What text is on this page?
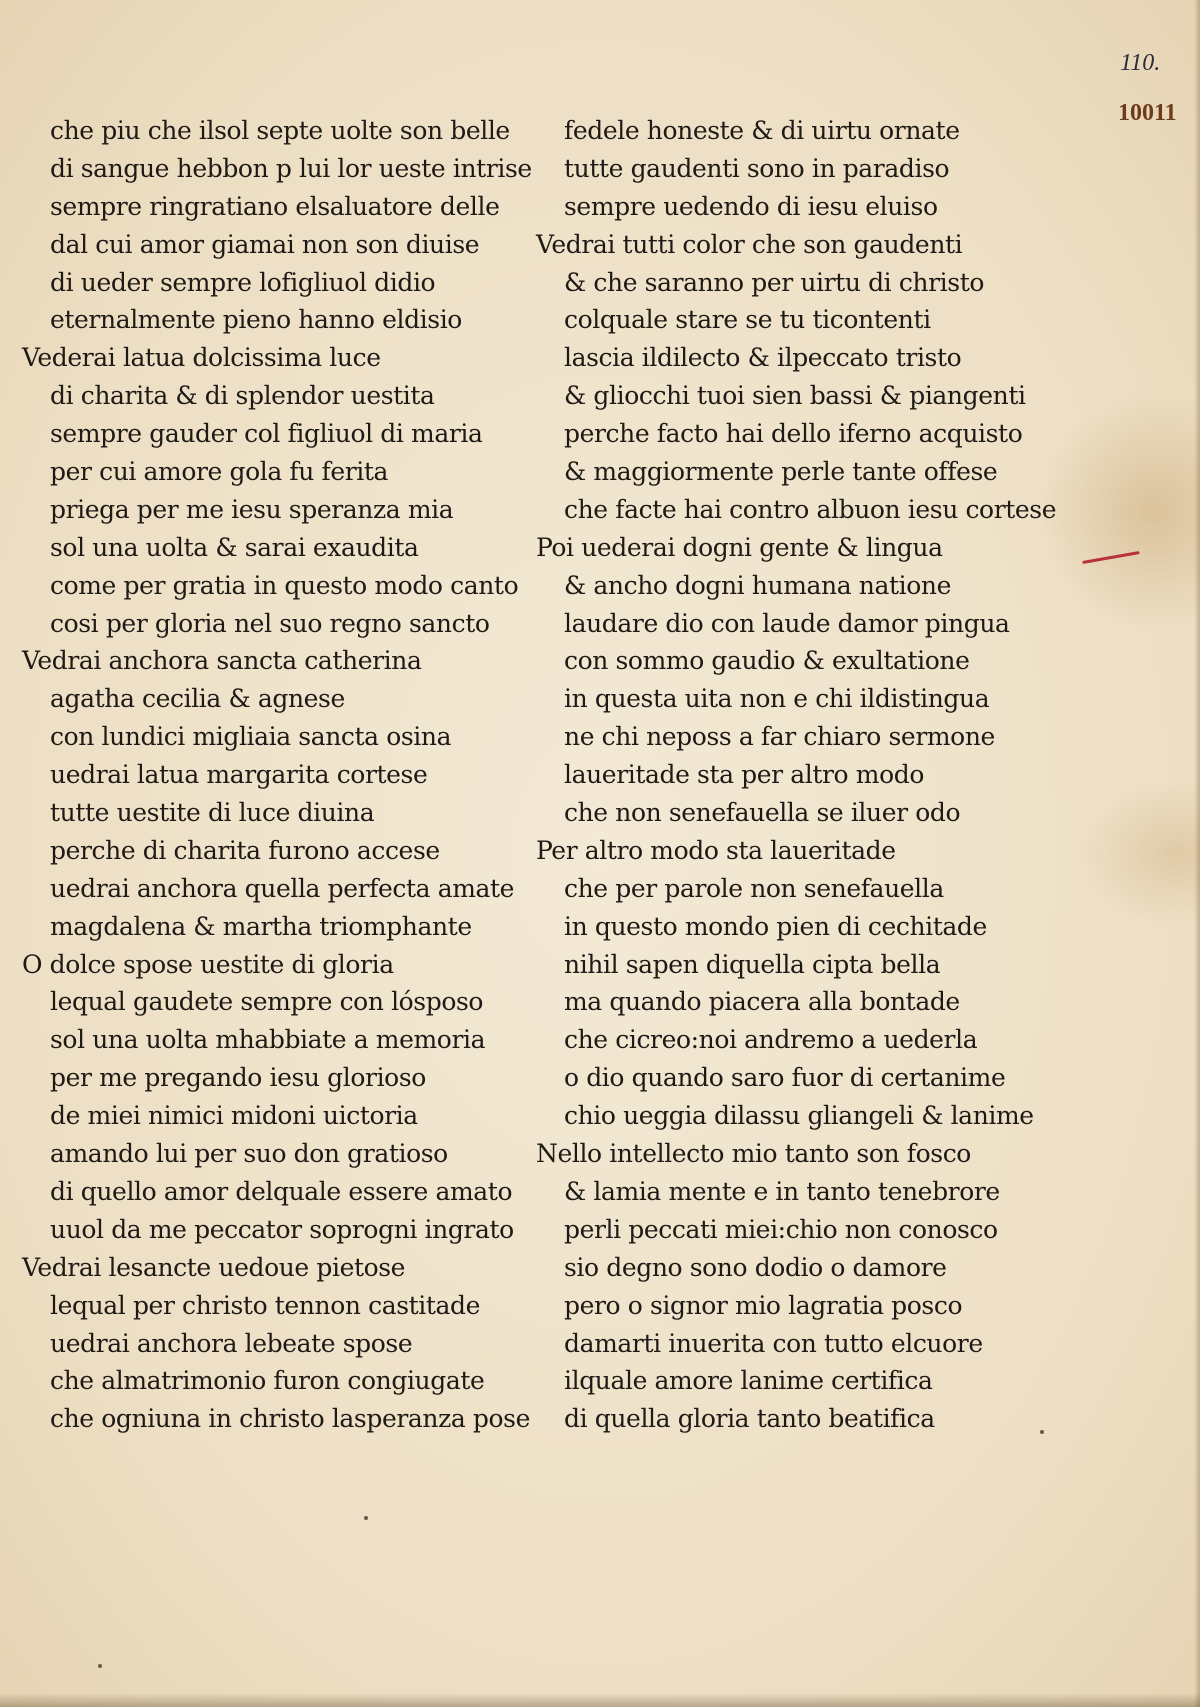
110.
10011
che piu che ilsol septe uolte son belle
di sangue hebbon p lui lor ueste intrise
sempre ringratiano elsaluatore delle
dal cui amor giamai non son diuise
di ueder sempre lofigliuol didio
eternalmente pieno hanno eldisio
Vederai latua dolcissima luce
di charita & di splendor uestita
sempre gauder col figliuol di maria
per cui amore gola fu ferita
priega per me iesu speranza mia
sol una uolta & sarai exaudita
come per gratia in questo modo canto
cosi per gloria nel suo regno sancto
Vedrai anchora sancta catherina
agatha cecilia & agnese
con lundici migliaia sancta osina
uedrai latua margarita cortese
tutte uestite di luce diuina
perche di charita furono accese
uedrai anchora quella perfecta amate
magdalena & martha triomphante
O dolce spose uestite di gloria
lequal gaudete sempre con lósposo
sol una uolta mhabbiate a memoria
per me pregando iesu glorioso
de miei nimici midoni uictoria
amando lui per suo don gratioso
di quello amor delquale essere amato
uuol da me peccator soprogni ingrato
Vedrai lesancte uedoue pietose
lequal per christo tennon castitade
uedrai anchora lebeate spose
che almatrimonio furon congiugate
che ogniuna in christo lasperanza pose
fedele honeste & di uirtu ornate
tutte gaudenti sono in paradiso
sempre uedendo di iesu eluiso
Vedrai tutti color che son gaudenti
& che saranno per uirtu di christo
colquale stare se tu ticontenti
lascia ildilecto & ilpeccato tristo
& gliocchi tuoi sien bassi & piangenti
perche facto hai dello iferno acquisto
& maggiormente perle tante offese
che facte hai contro albuon iesu cortese
Poi uederai dogni gente & lingua
& ancho dogni humana natione
laudare dio con laude damor pingua
con sommo gaudio & exultatione
in questa uita non e chi ildistingua
ne chi neposs a far chiaro sermone
laueritade sta per altro modo
che non senefauella se iluer odo
Per altro modo sta laueritade
che per parole non senefauella
in questo mondo pien di cechitade
nihil sapen diquella cipta bella
ma quando piacera alla bontade
che cicreo:noi andremo a uederla
o dio quando saro fuor di certanime
chio ueggia dilassu gliangeli & lanime
Nello intellecto mio tanto son fosco
& lamia mente e in tanto tenebrore
perli peccati miei:chio non conosco
sio degno sono dodio o damore
pero o signor mio lagratia posco
damarti inuerita con tutto elcuore
ilquale amore lanime certifica
di quella gloria tanto beatifica
